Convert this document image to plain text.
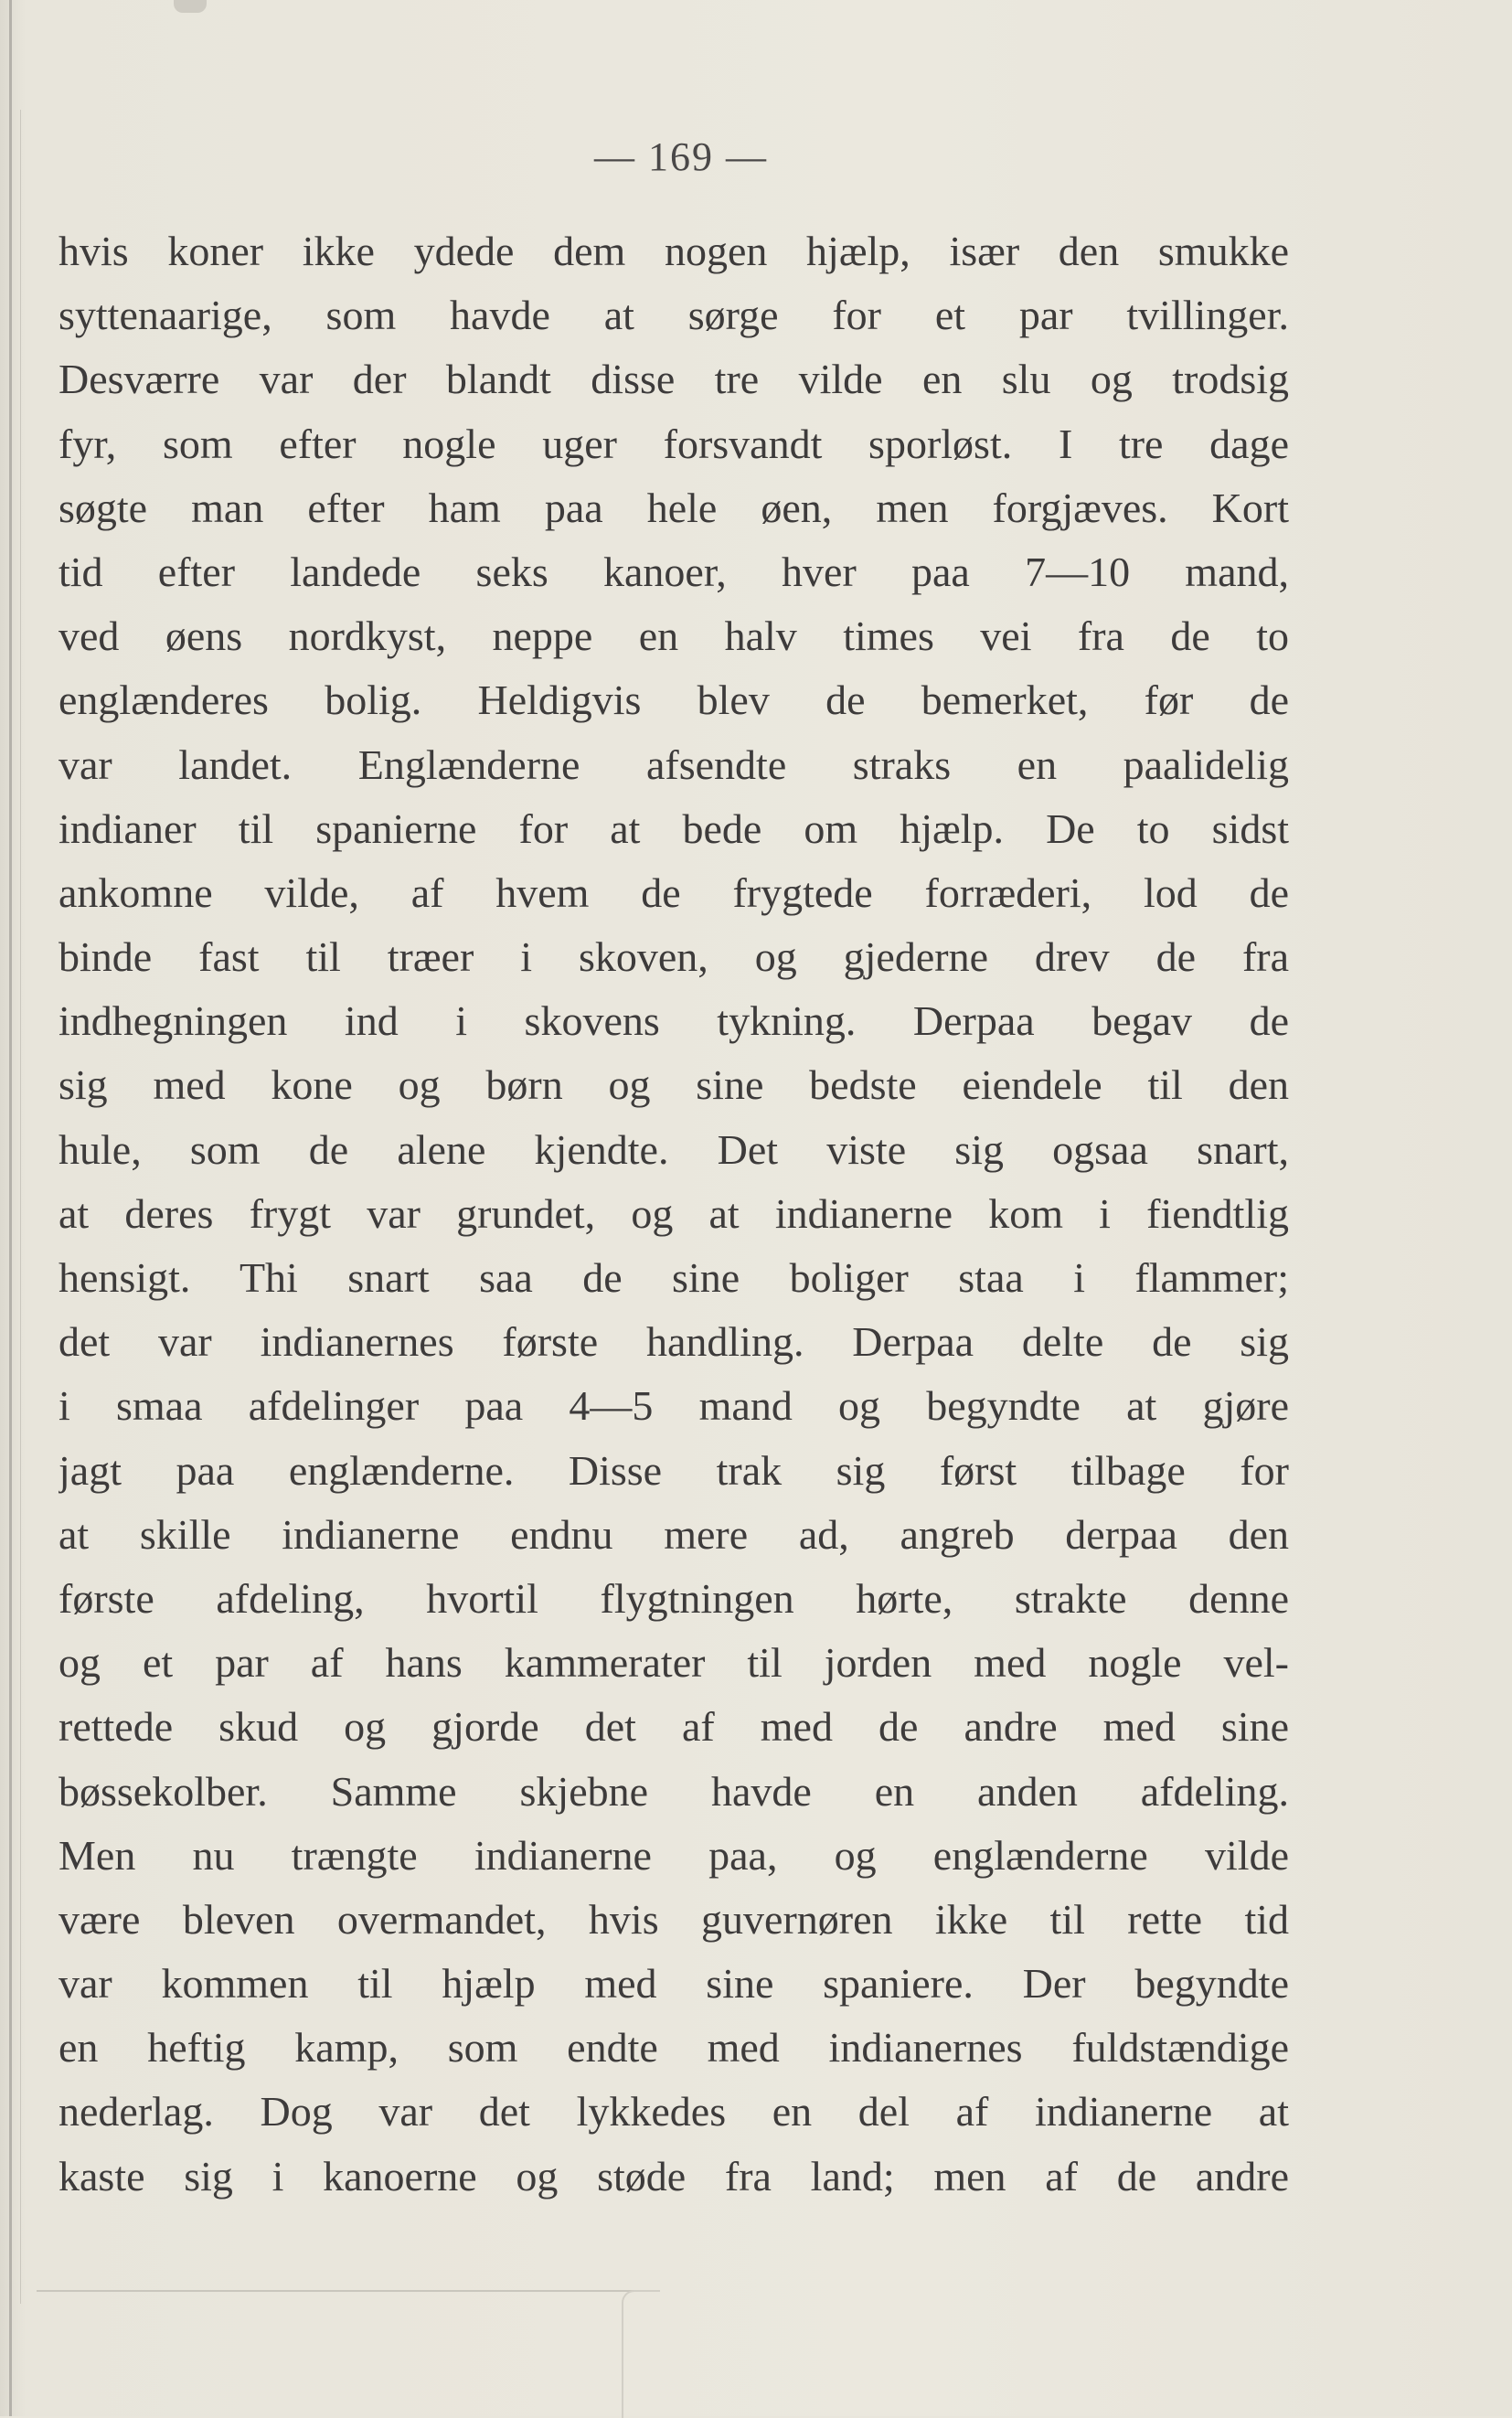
— 169 —
hvis koner ikke ydede dem nogen hjælp, især den smukke
syttenaarige, som havde at sørge for et par tvillinger.
Desværre var der blandt disse tre vilde en slu og trodsig
fyr, som efter nogle uger forsvandt sporløst. I tre dage
søgte man efter ham paa hele øen, men forgjæves. Kort
tid efter landede seks kanoer, hver paa 7—10 mand,
ved øens nordkyst, neppe en halv times vei fra de to
englænderes bolig. Heldigvis blev de bemerket, før de
var landet. Englænderne afsendte straks en paalidelig
indianer til spanierne for at bede om hjælp. De to sidst
ankomne vilde, af hvem de frygtede forræderi, lod de
binde fast til træer i skoven, og gjederne drev de fra
indhegningen ind i skovens tykning. Derpaa begav de
sig med kone og børn og sine bedste eiendele til den
hule, som de alene kjendte. Det viste sig ogsaa snart,
at deres frygt var grundet, og at indianerne kom i fiendtlig
hensigt. Thi snart saa de sine boliger staa i flammer;
det var indianernes første handling. Derpaa delte de sig
i smaa afdelinger paa 4—5 mand og begyndte at gjøre
jagt paa englænderne. Disse trak sig først tilbage for
at skille indianerne endnu mere ad, angreb derpaa den
første afdeling, hvortil flygtningen hørte, strakte denne
og et par af hans kammerater til jorden med nogle vel-
rettede skud og gjorde det af med de andre med sine
bøssekolber. Samme skjebne havde en anden afdeling.
Men nu trængte indianerne paa, og englænderne vilde
være bleven overmandet, hvis guvernøren ikke til rette tid
var kommen til hjælp med sine spaniere. Der begyndte
en heftig kamp, som endte med indianernes fuldstændige
nederlag. Dog var det lykkedes en del af indianerne at
kaste sig i kanoerne og støde fra land; men af de andre
